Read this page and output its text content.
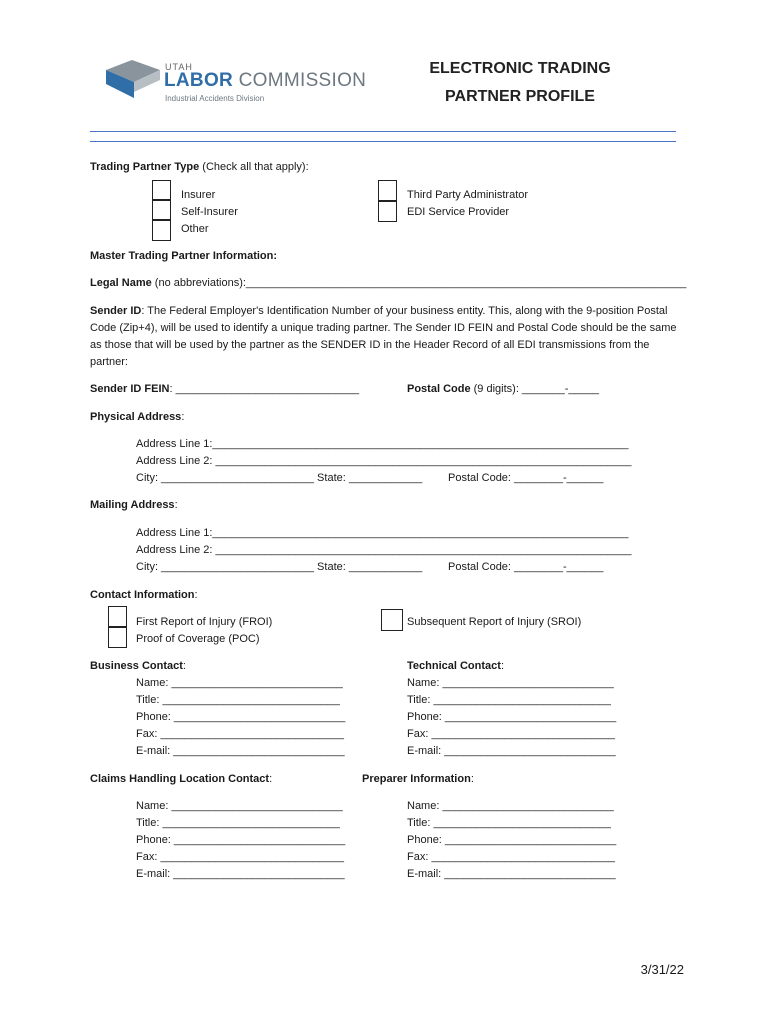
UTAH
LABOR COMMISSION
Industrial Accidents Division
ELECTRONIC TRADING
PARTNER PROFILE
Trading Partner Type (Check all that apply):
Insurer
Self-Insurer
Other
Third Party Administrator
EDI Service Provider
Master Trading Partner Information:
Legal Name (no abbreviations):________________________________________________________________________
Sender ID: The Federal Employer's Identification Number of your business entity. This, along with the 9-position Postal Code (Zip+4), will be used to identify a unique trading partner. The Sender ID FEIN and Postal Code should be the same as those that will be used by the partner as the SENDER ID in the Header Record of all EDI transmissions from the partner:
Sender ID FEIN: ______________________________	Postal Code (9 digits): _______-_____
Physical Address:
Address Line 1:____________________________________________________________________
Address Line 2: ____________________________________________________________________
City: _________________________ State: ____________ Postal Code: ________-______
Mailing Address:
Address Line 1:____________________________________________________________________
Address Line 2: ____________________________________________________________________
City: _________________________ State: ____________ Postal Code: ________-______
Contact Information:
First Report of Injury (FROI)
Proof of Coverage (POC)
Subsequent Report of Injury (SROI)
Business Contact:
Name: ____________________________
Title: _____________________________
Phone: ____________________________
Fax: ______________________________
E-mail: ____________________________
Technical Contact:
Name: ____________________________
Title: _____________________________
Phone: ____________________________
Fax: ______________________________
E-mail: ____________________________
Claims Handling Location Contact:
Name: ____________________________
Title: _____________________________
Phone: ____________________________
Fax: ______________________________
E-mail: ____________________________
Preparer Information:
Name: ____________________________
Title: _____________________________
Phone: ____________________________
Fax: ______________________________
E-mail: ____________________________
3/31/22
